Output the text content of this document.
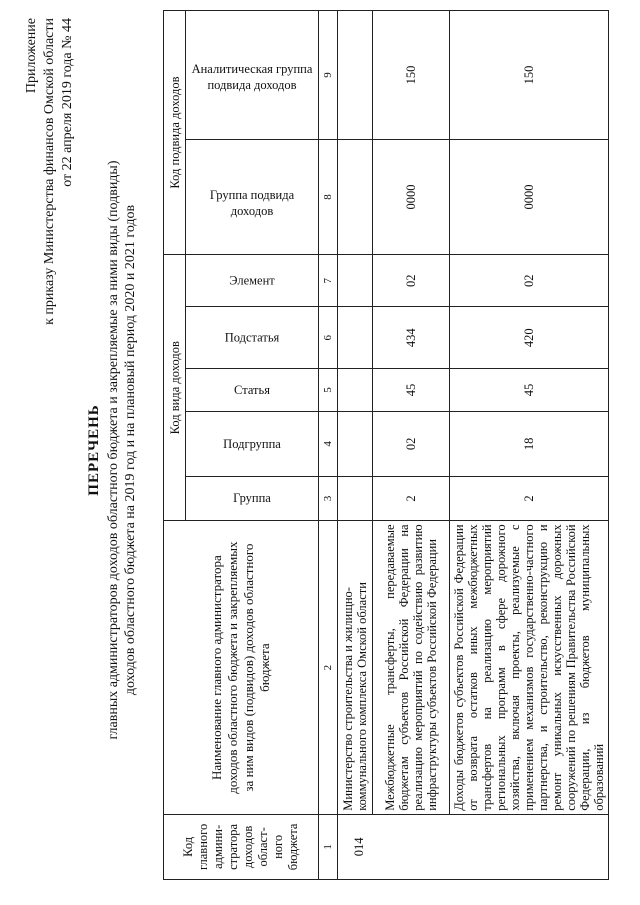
Приложение к приказу Министерства финансов Омской области от 22 апреля 2019 года № 44
ПЕРЕЧЕНЬ главных администраторов доходов областного бюджета и закрепляемые за ними виды (подвиды) доходов областного бюджета на 2019 год и на плановый период 2020 и 2021 годов
Код главного админи-стратора доходов област-ного бюджета	Наименование главного администратора доходов областного бюджета и закрепляемых за ним видов (подвидов) доходов областного бюджета	Код вида доходов					Код подвида доходов	

		Группа	Подгруппа	Статья	Подстатья	Элемент	Группа подвида доходов	Аналитическая группа подвида доходов

1	2	3	4	5	6	7	8	9
014	Министерство строительства и жилищно-коммунального комплекса Омской области							
	Межбюджетные трансферты, передаваемые бюджетам субъектов Российской Федерации на реализацию мероприятий по содействию развитию инфраструктуры субъектов Российской Федерации	2	02	45	434	02	0000	150
	Доходы бюджетов субъектов Российской Федерации от возврата остатков иных межбюджетных трансфертов на реализацию мероприятий региональных программ в сфере дорожного хозяйства, включая проекты, реализуемые с применением механизмов государственно-частного партнерства, и строительство, реконструкцию и ремонт уникальных искусственных дорожных сооружений по решениям Правительства Российской Федерации, из бюджетов муниципальных образований	2	18	45	420	02	0000	150
